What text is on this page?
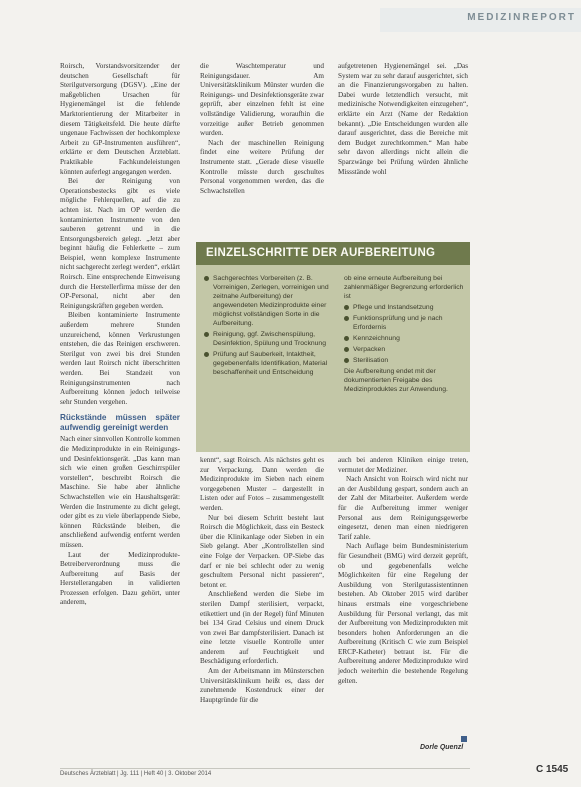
MEDIZINREPORT

Roirsch, Vorstandsvorsitzender der deutschen Gesellschaft für Sterilgutversorgung (DGSV). „Eine der maßgeblichen Ursachen für Hygienemängel ist die fehlende Marktorientierung der Mitarbeiter in diesem Tätigkeitsfeld. Die heute dürfte ungenaue Fachwissen der hochkomplexe Arbeit zu GP-Instrumenten ausführen“, erklärte er dem Deutschen Ärzteblatt. Praktikable Fachkundeleistungen könnten auferlegt angegangen werden.

Bei der Reinigung von Operationsbestecks gibt es viele mögliche Fehlerquellen, auf die zu achten ist. Nach im OP werden die kontaminierten Instrumente von den sauberen getrennt und in die Entsorgungsbereich gelegt. „Jetzt aber beginnt häufig die Fehlerkette – zum Beispiel, wenn komplexe Instrumente nicht sachgerecht zerlegt werden“, erklärt Roirsch. Eine entsprechende Einweisung durch die Herstellerfirma müsse der den OP-Personal, nicht aber den Reinigungskräften gegeben werden.

Bleiben kontaminierte Instrumente außerdem mehrere Stunden unzureichend, können Verkrustungen entstehen, die das Reinigen erschweren. Sterilgut von zwei bis drei Stunden werden laut Roirsch nicht überschritten werden. Bei Standzeit von Reinigungsinstrumenten nach Aufbereitung können jedoch teilweise sehr Stunden vergehen.

Rückstände müssen später aufwendig gereinigt werden

Nach einer sinnvollen Kontrolle kommen die Medizinprodukte in ein Reinigungs- und Desinfektionsgerät. „Das kann man sich wie einen großen Geschirrspüler vorstellen“, beschreibt Roirsch die Maschine. Sie habe aber ähnliche Schwachstellen wie ein Haushaltsgerät: Werden die Instrumente zu dicht gelegt, oder gibt es zu viele überlappende Siebe, können Rückstände bleiben, die anschließend aufwendig entfernt werden müssen.

Laut der Medizinprodukte-Betreiberverordnung muss die Aufbereitung auf Basis der Herstellerangaben in validierten Prozessen erfolgen. Dazu gehört, unter anderem,

die Waschtemperatur und Reinigungsdauer. Am Universitätsklinikum Münster wurden die Reinigungs- und Desinfektionsgeräte zwar geprüft, aber einzelnen fehlt ist eine vollständige Validierung, woraufhin die vorzeitige außer Betrieb genommen wurden.

Nach der maschinellen Reinigung findet eine weitere Prüfung der Instrumente statt. „Gerade diese visuelle Kontrolle müsste durch geschultes Personal vorgenommen werden, das die Schwachstellen

aufgetretenen Hygienemängel sei. „Das System war zu sehr darauf ausgerichtet, sich an die Finanzierungsvorgaben zu halten. Dabei wurde letztendlich versucht, mit medizinische Notwendigkeiten einzugehen“, erklärte ein Arzt (Name der Redaktion bekannt). „Die Entscheidungen wurden alle darauf ausgerichtet, dass die Bereiche mit dem Budget zurechtkommen.“ Man habe sehr davon allerdings nicht allein die Sparzwänge bei Prüfung würden ähnliche Missstände wohl

EINZELSCHRITTE DER AUFBEREITUNG
Sachgerechtes Vorbereiten (z. B. Vorreinigen, Zerlegen, vorreinigen und zeitnahe Aufbereitung) der angewendeten Medizinprodukte einer möglichst vollständigen Sorte in die Aufbereitung.
Reinigung, ggf. Zwischenspülung, Desinfektion, Spülung und Trocknung
Prüfung auf Sauberkeit, Intaktheit, gegebenenfalls Identifikation, Material beschaffenheit und Entscheidung
ob eine erneute Aufbereitung bei zahlenmäßiger Begrenzung erforderlich ist
Pflege und Instandsetzung
Funktionsprüfung und je nach Erfordernis
Kennzeichnung
Verpacken
Sterilisation
Die Aufbereitung endet mit der dokumentierten Freigabe des Medizinproduktes zur Anwendung.

kennt“, sagt Roirsch. Als nächstes geht es zur Verpackung. Dann werden die Medizinprodukte im Sieben nach einem vorgegebenen Muster – dargestellt in Listen oder auf Fotos – zusammengestellt werden.

Nur bei diesem Schritt besteht laut Roirsch die Möglichkeit, dass ein Besteck über die Klinikanlage oder Sieben in ein Sieb gelangt. Aber „Kontrollstellen sind eine Folge der Verpacken. OP-Siebe das darf er nie bei schlecht oder zu wenig geschultem Personal nicht passieren“, betont er.

Anschließend werden die Siebe im sterilen Dampf sterilisiert, verpackt, etikettiert und (in der Regel) fünf Minuten bei 134 Grad Celsius und einem Druck von zwei Bar dampfsterilisiert. Danach ist eine letzte visuelle Kontrolle unter anderem auf Feuchtigkeit und Beschädigung erforderlich.

Am der Arbeitsmann im Münsterschen Universitätsklinikum heißt es, dass der zunehmende Kostendruck einer der Hauptgründe für die

auch bei anderen Kliniken einige treten, vermutet der Mediziner.

Nach Ansicht von Roirsch wird nicht nur an der Ausbildung gespart, sondern auch an der Zahl der Mitarbeiter. Außerdem werde für die Aufbereitung immer weniger Personal aus dem Reinigungsgewerbe eingesetzt, denen man einen niedrigeren Tarif zahle.

Nach Auflage beim Bundesministerium für Gesundheit (BMG) wird derzeit geprüft, ob und gegebenenfalls welche Möglichkeiten für eine Regelung der Ausbildung von Sterilgutassistentinnen bestehen. Ab Oktober 2015 wird darüber hinaus erstmals eine vorgeschriebene Ausbildung für Personal verlangt, das mit der Aufbereitung von Medizinprodukten mit besonders hohen Anforderungen an die Aufbereitung (Kritisch C wie zum Beispiel ERCP-Katheter) betraut ist. Für die Aufbereitung anderer Medizinprodukte wird jedoch weiterhin die bestehende Regelung gelten.

Dorle Quenzl
Deutsches Ärzteblatt | Jg. 111 | Heft 40 | 3. Oktober 2014	C 1545
